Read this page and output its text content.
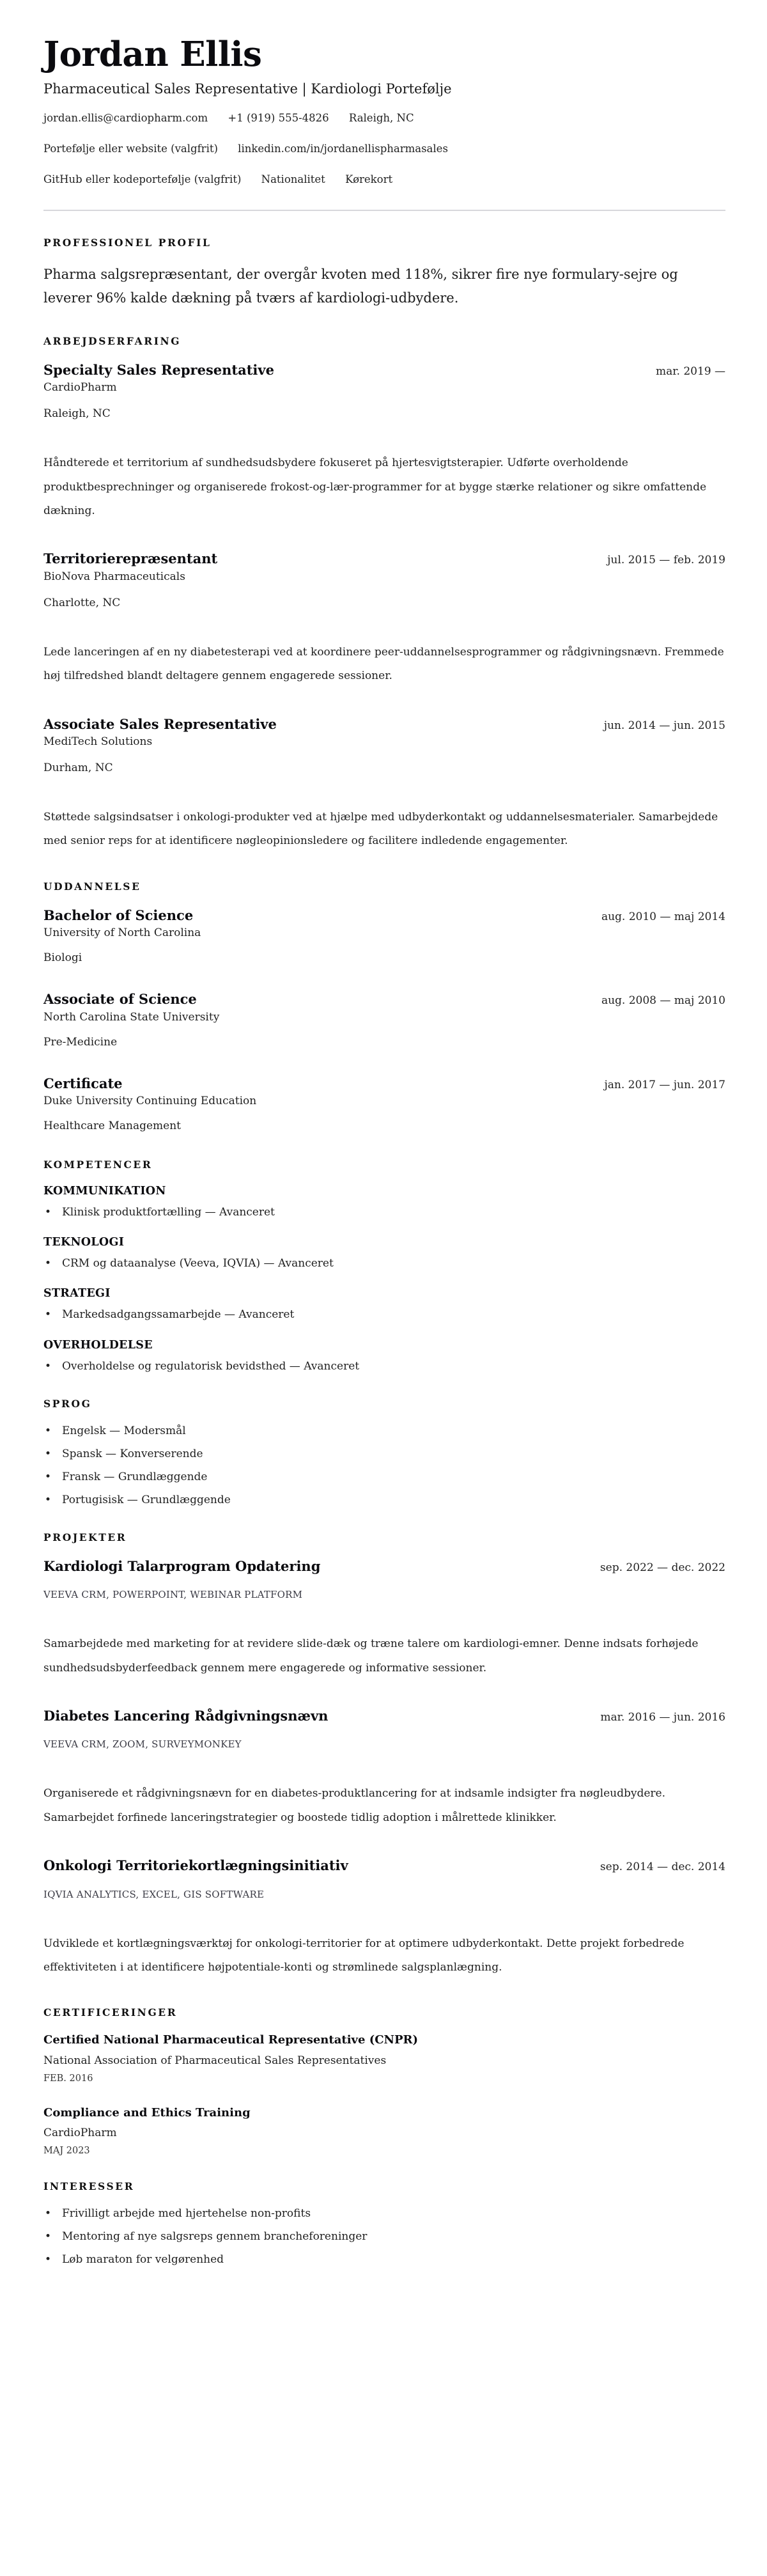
Jordan Ellis
Pharmaceutical Sales Representative | Kardiologi Portefølje
jordan.ellis@cardiopharm.com +1 (919) 555-4826 Raleigh, NC
Portefølje eller website (valgfrit) linkedin.com/in/jordanellispharmasales
GitHub eller kodeportefølje (valgfrit) Nationalitet Kørekort
PROFESSIONEL PROFIL

Pharma salgsrepræsentant, der overgår kvoten med 118%, sikrer fire nye formulary-sejre og leverer 96% kalde dækning på tværs af kardiologi-udbydere.

ARBEJDSERFARING
Specialty Sales Representative	mar. 2019 —
CardioPharm
Raleigh, NC

Håndterede et territorium af sundhedsudsbydere fokuseret på hjertesvigtsterapier. Udførte overholdende produktbesprechninger og organiserede frokost-og-lær-programmer for at bygge stærke relationer og sikre omfattende dækning.

Territorierepræsentant	jul. 2015 — feb. 2019
BioNova Pharmaceuticals
Charlotte, NC

Lede lanceringen af en ny diabetesterapi ved at koordinere peer-uddannelsesprogrammer og rådgivningsnævn. Fremmede høj tilfredshed blandt deltagere gennem engagerede sessioner.

Associate Sales Representative	jun. 2014 — jun. 2015
MediTech Solutions
Durham, NC

Støttede salgsindsatser i onkologi-produkter ved at hjælpe med udbyderkontakt og uddannelsesmaterialer. Samarbejdede med senior reps for at identificere nøgleopinionsledere og facilitere indledende engagementer.

UDDANNELSE
Bachelor of Science	aug. 2010 — maj 2014
University of North Carolina
Biologi
Associate of Science	aug. 2008 — maj 2010
North Carolina State University
Pre-Medicine
Certificate	jan. 2017 — jun. 2017
Duke University Continuing Education
Healthcare Management
KOMPETENCER
KOMMUNIKATION
• Klinisk produktfortælling — Avanceret
TEKNOLOGI
• CRM og dataanalyse (Veeva, IQVIA) — Avanceret
STRATEGI
• Markedsadgangssamarbejde — Avanceret
OVERHOLDELSE
• Overholdelse og regulatorisk bevidsthed — Avanceret
SPROG
• Engelsk — Modersmål
• Spansk — Konverserende
• Fransk — Grundlæggende
• Portugisisk — Grundlæggende
PROJEKTER
Kardiologi Talarprogram Opdatering	sep. 2022 — dec. 2022
VEEVA CRM, POWERPOINT, WEBINAR PLATFORM

Samarbejdede med marketing for at revidere slide-dæk og træne talere om kardiologi-emner. Denne indsats forhøjede sundhedsudsbyderfeedback gennem mere engagerede og informative sessioner.

Diabetes Lancering Rådgivningsnævn	mar. 2016 — jun. 2016
VEEVA CRM, ZOOM, SURVEYMONKEY

Organiserede et rådgivningsnævn for en diabetes-produktlancering for at indsamle indsigter fra nøgleudbydere. Samarbejdet forfinede lanceringstrategier og boostede tidlig adoption i målrettede klinikker.

Onkologi Territoriekortlægningsinitiativ	sep. 2014 — dec. 2014
IQVIA ANALYTICS, EXCEL, GIS SOFTWARE

Udviklede et kortlægningsværktøj for onkologi-territorier for at optimere udbyderkontakt. Dette projekt forbedrede effektiviteten i at identificere højpotentiale-konti og strømlinede salgsplanlægning.

CERTIFICERINGER
Certified National Pharmaceutical Representative (CNPR)
National Association of Pharmaceutical Sales Representatives
FEB. 2016
Compliance and Ethics Training
CardioPharm
MAJ 2023
INTERESSER
• Frivilligt arbejde med hjertehelse non-profits
• Mentoring af nye salgsreps gennem brancheforeninger
• Løb maraton for velgørenhed
